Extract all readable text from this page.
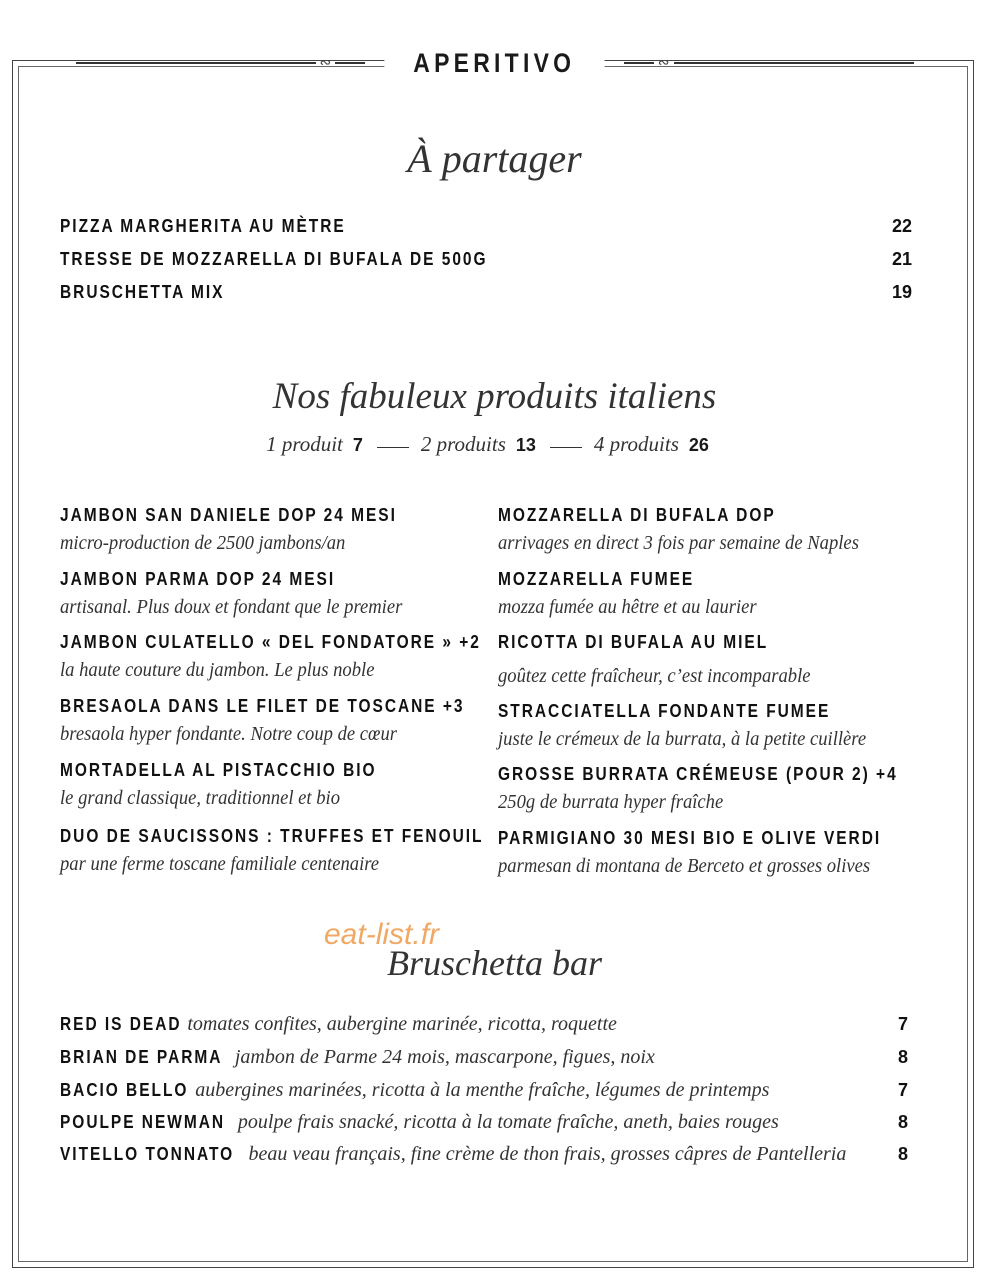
∾	APERITIVO	∾
À partager
PIZZA MARGHERITA AU MÈTRE	22
TRESSE DE MOZZARELLA DI BUFALA DE 500G	21
BRUSCHETTA MIX	19
Nos fabuleux produits italiens
1 produit 7	2 produits 13	4 produits 26
JAMBON SAN DANIELE DOP 24 MESI
micro-production de 2500 jambons/an
JAMBON PARMA DOP 24 MESI
artisanal. Plus doux et fondant que le premier
JAMBON CULATELLO « DEL FONDATORE » +2
la haute couture du jambon. Le plus noble
BRESAOLA DANS LE FILET DE TOSCANE +3
bresaola hyper fondante. Notre coup de cœur
MORTADELLA AL PISTACCHIO BIO
le grand classique, traditionnel et bio
DUO DE SAUCISSONS : TRUFFES ET FENOUIL
par une ferme toscane familiale centenaire
MOZZARELLA DI BUFALA DOP
arrivages en direct 3 fois par semaine de Naples
MOZZARELLA FUMEE
mozza fumée au hêtre et au laurier
RICOTTA DI BUFALA AU MIEL
goûtez cette fraîcheur, c’est incomparable
STRACCIATELLA FONDANTE FUMEE
juste le crémeux de la burrata, à la petite cuillère
GROSSE BURRATA CRÉMEUSE (POUR 2) +4
250g de burrata hyper fraîche
PARMIGIANO 30 MESI BIO E OLIVE VERDI
parmesan di montana de Berceto et grosses olives
eat-list.fr
Bruschetta bar
RED IS DEAD tomates confites, aubergine marinée, ricotta, roquette	7
BRIAN DE PARMA jambon de Parme 24 mois, mascarpone, figues, noix	8
BACIO BELLO aubergines marinées, ricotta à la menthe fraîche, légumes de printemps	7
POULPE NEWMAN poulpe frais snacké, ricotta à la tomate fraîche, aneth, baies rouges	8
VITELLO TONNATO beau veau français, fine crème de thon frais, grosses câpres de Pantelleria	8
